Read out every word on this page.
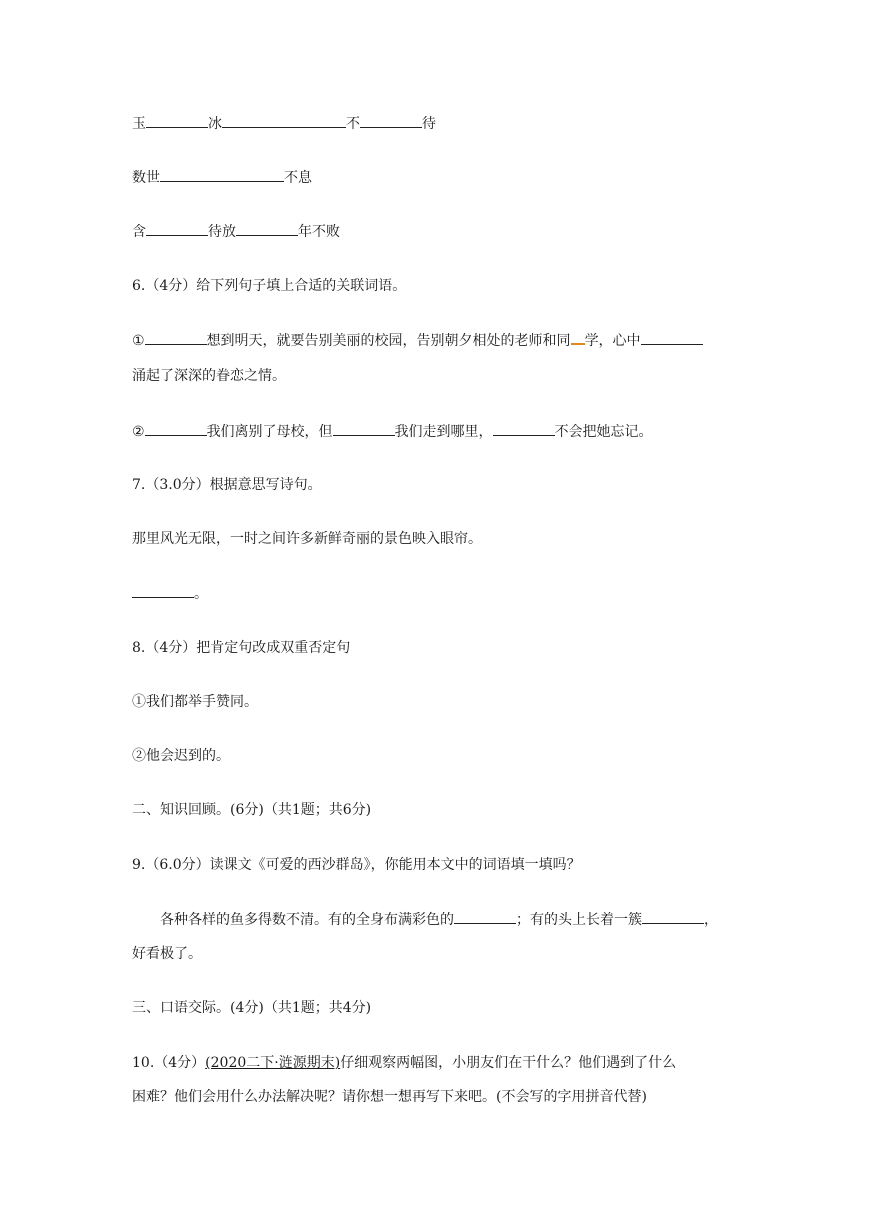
玉	冰	不	待
数世	不息
含	待放	年不败
6.（4分）给下列句子填上合适的关联词语。
①	想到明天，就要告别美丽的校园，告别朝夕相处的老师和同 学，心中
涌起了深深的眷恋之情。
②	我们离别了母校，但	我们走到哪里，	不会把她忘记。
7.（3.0分）根据意思写诗句。
那里风光无限，一时之间许多新鲜奇丽的景色映入眼帘。
。
8.（4分）把肯定句改成双重否定句
①我们都举手赞同。
②他会迟到的。
二、知识回顾。(6分)（共1题；共6分)
9.（6.0分）读课文《可爱的西沙群岛》，你能用本文中的词语填一填吗？
各种各样的鱼多得数不清。有的全身布满彩色的	；有的头上长着一簇	，
好看极了。
三、口语交际。(4分)（共1题；共4分)
10.（4分）(2020二下·涟源期末)仔细观察两幅图，小朋友们在干什么？他们遇到了什么
困难？他们会用什么办法解决呢？请你想一想再写下来吧。(不会写的字用拼音代替)
